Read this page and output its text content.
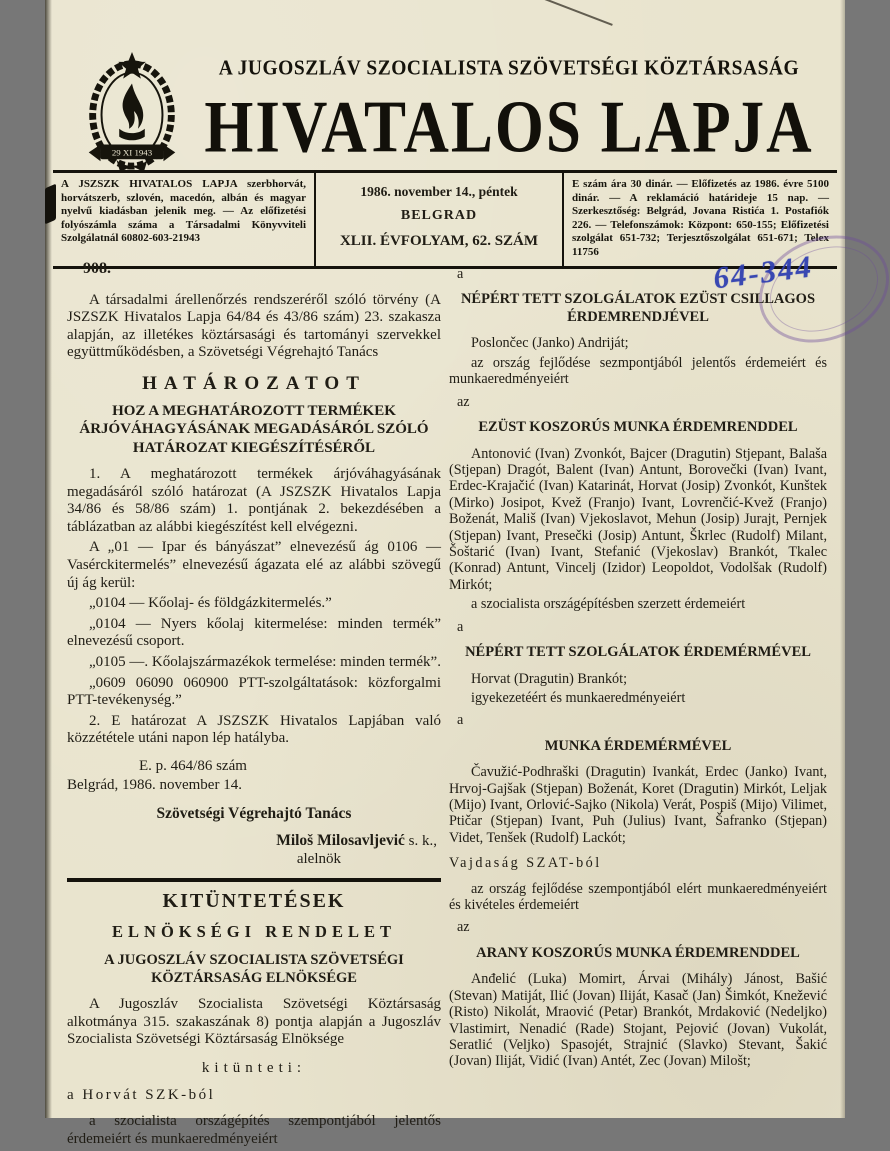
29 XI 1943
A JUGOSZLÁV SZOCIALISTA SZÖVETSÉGI KÖZTÁRSASÁG
HIVATALOS LAPJA
A JSZSZK HIVATALOS LAPJA szerbhorvát, horvátszerb, szlovén, macedón, albán és magyar nyelvű kiadásban jelenik meg. — Az előfizetési folyószámla száma a Társadalmi Könyvviteli Szolgálatnál 60802-603-21943
1986. november 14., péntek
BELGRAD
XLII. ÉVFOLYAM, 62. SZÁM
E szám ára 30 dinár. — Előfizetés az 1986. évre 5100 dinár. — A reklamáció határideje 15 nap. — Szerkesztőség: Belgrád, Jovana Ristića 1. Postafiók 226. — Telefonszámok: Központ: 650-155; Előfizetési szolgálat 651-732; Terjesztőszolgálat 651-671; Telex 11756	64-344
908.

A társadalmi árellenőrzés rendszeréről szóló törvény (A JSZSZK Hivatalos Lapja 64/84 és 43/86 szám) 23. szakasza alapján, az illetékes köztársasági és tartományi szervekkel együttműködésben, a Szövetségi Végrehajtó Tanács

HATÁROZATOT
HOZ A MEGHATÁROZOTT TERMÉKEK ÁRJÓVÁHAGYÁSÁNAK MEGADÁSÁRÓL SZÓLÓ HATÁROZAT KIEGÉSZÍTÉSÉRŐL

1. A meghatározott termékek árjóváhagyásának megadásáról szóló határozat (A JSZSZK Hivatalos Lapja 34/86 és 58/86 szám) 1. pontjának 2. bekezdésében a táblázatban az alábbi kiegészítést kell elvégezni.

A „01 — Ipar és bányászat” elnevezésű ág 0106 — Vasérckitermelés” elnevezésű ágazata elé az alábbi szövegű új ág kerül:

„0104 — Kőolaj- és földgázkitermelés.”

„0104 — Nyers kőolaj kitermelése: minden termék” elnevezésű csoport.

„0105 —. Kőolajszármazékok termelése: minden termék”.

„0609 06090 060900 PTT-szolgáltatások: közforgalmi PTT-tevékenység.”

2. E határozat A JSZSZK Hivatalos Lapjában való közzététele utáni napon lép hatályba.

E. p. 464/86 szám

Belgrád, 1986. november 14.

Szövetségi Végrehajtó Tanács

Miloš Milosavljević s. k.,

alelnök

KITÜNTETÉSEK
ELNÖKSÉGI RENDELET
A JUGOSZLÁV SZOCIALISTA SZÖVETSÉGI KÖZTÁRSASÁG ELNÖKSÉGE

A Jugoszláv Szocialista Szövetségi Köztársaság alkotmánya 315. szakaszának 8) pontja alapján a Jugoszláv Szocialista Szövetségi Köztársaság Elnöksége

kitünteti:

a Horvát SZK-ból

a szocialista országépítés szempontjából jelentős érdemeiért és munkaeredményeiért

a

NÉPÉRT TETT SZOLGÁLATOK EZÜST CSILLAGOS ÉRDEMRENDJÉVEL

Poslončec (Janko) Andriját;

az ország fejlődése sezmpontjából jelentős érdemeiért és munkaeredményeiért

az

EZÜST KOSZORÚS MUNKA ÉRDEMRENDDEL

Antonović (Ivan) Zvonkót, Bajcer (Dragutin) Stjepant, Balaša (Stjepan) Dragót, Balent (Ivan) Antunt, Borovečki (Ivan) Ivant, Erdec-Krajačić (Ivan) Katarinát, Horvat (Josip) Zvonkót, Kunštek (Mirko) Josipot, Kvež (Franjo) Ivant, Lovrenčić-Kvež (Franjo) Boženát, Mališ (Ivan) Vjekoslavot, Mehun (Josip) Jurajt, Pernjek (Stjepan) Ivant, Presečki (Josip) Antunt, Škrlec (Rudolf) Milant, Šoštarić (Ivan) Ivant, Stefanić (Vjekoslav) Brankót, Tkalec (Konrad) Antunt, Vincelj (Izidor) Leopoldot, Vodolšak (Rudolf) Mirkót;

a szocialista országépítésben szerzett érdemeiért

a

NÉPÉRT TETT SZOLGÁLATOK ÉRDEMÉRMÉVEL

Horvat (Dragutin) Brankót;

igyekezetéért és munkaeredményeiért

a

MUNKA ÉRDEMÉRMÉVEL

Čavužić-Podhraški (Dragutin) Ivankát, Erdec (Janko) Ivant, Hrvoj-Gajšak (Stjepan) Boženát, Koret (Dragutin) Mirkót, Leljak (Mijo) Ivant, Orlović-Sajko (Nikola) Verát, Pospiš (Mijo) Vilimet, Ptičar (Stjepan) Ivant, Puh (Julius) Ivant, Šafranko (Stjepan) Videt, Tenšek (Rudolf) Lackót;

Vajdaság SZAT-ból

az ország fejlődése szempontjából elért munkaeredményeiért és kivételes érdemeiért

az

ARANY KOSZORÚS MUNKA ÉRDEMRENDDEL

Anđelić (Luka) Momirt, Árvai (Mihály) Jánost, Bašić (Stevan) Matiját, Ilić (Jovan) Iliját, Kasač (Jan) Šimkót, Knežević (Risto) Nikolát, Mraović (Petar) Brankót, Mrdaković (Nedeljko) Vlastimirt, Nenadić (Rade) Stojant, Pejović (Jovan) Vukolát, Seratlić (Veljko) Spasojét, Strajnić (Slavko) Stevant, Šakić (Jovan) Iliját, Vidić (Ivan) Antét, Zec (Jovan) Milošt;
